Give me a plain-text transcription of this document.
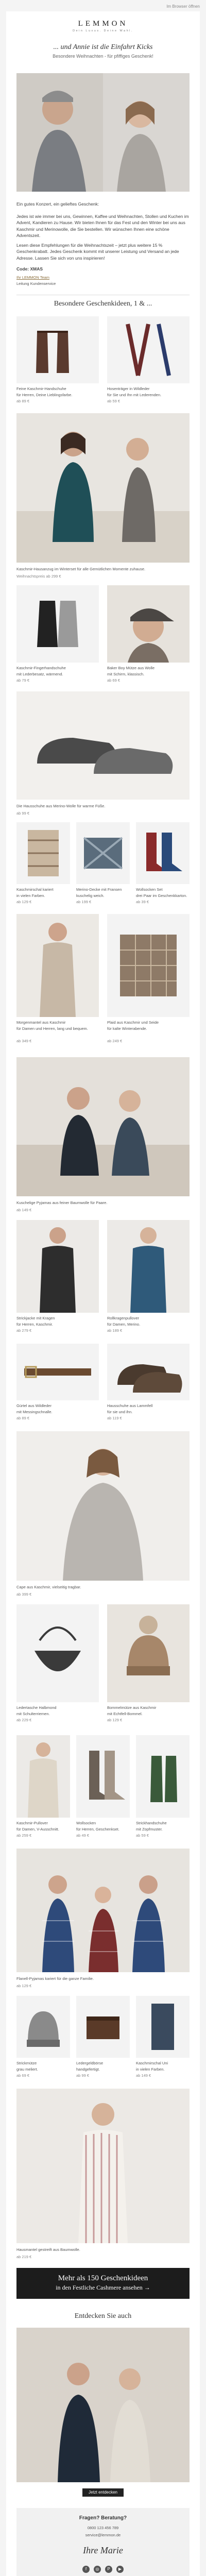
Im Browser öffnen
LEMMON
Dein Luxus. Deine Wahl.
... und Annie ist die Einfahrt Kicks
Besondere Weihnachten - für pfiffiges Geschenk!
Ein gutes Konzert, ein gelieftes Geschenk:
Jedes ist wie immer bei uns, Gewinnen, Kaffee und Weihnachten, Stollen und Kuchen im Advent, Kandieren zu Hause. Wir bieten Ihnen für das Fest und den Winter bei uns aus Kaschmir und Merinowolle, die Sie bestellen. Wir wünschen Ihnen eine schöne Adventszeit.
Lesen diese Empfehlungen für die Weihnachtszeit – jetzt plus weitere 15 % Geschenkrabatt. Jedes Geschenk kommt mit unserer Leistung und Versand an jede Adresse. Lassen Sie sich von uns inspirieren!
Code: XMAS
Ihr LEMMON Team
Leitung Kundenservice
Besondere Geschenkideen, 1 & ...
Feine Kaschmir-Handschuhe
für Herren, Deine Lieblingsfarbe.
ab 89 €
Hosenträger in Wildleder
für Sie und Ihn mit Lederenden.
ab 59 €
Kaschmir-Hausanzug im Winterset für alle Gemütlichen Momente zuhause.
Weihnachtspreis ab 299 €
Kaschmir-Fingerhandschuhe
mit Lederbesatz, wärmend.
ab 79 €
Baker Boy Mütze aus Wolle
mit Schirm, klassisch.
ab 69 €
Die Hausschuhe aus Merino-Wolle für warme Füße.
ab 99 €
Kaschmirschal kariert
in vielen Farben.
ab 129 €
Merino-Decke mit Fransen
kuschelig weich.
ab 199 €
Wollsocken Set
drei Paar im Geschenkkarton.
ab 39 €
Morgenmantel aus Kaschmir
für Damen und Herren, lang und bequem.
ab 349 €
Plaid aus Kaschmir und Seide
für kalte Winterabende.
ab 249 €
Kuschelige Pyjamas aus feiner Baumwolle für Paare.
ab 149 €
Strickjacke mit Kragen
für Herren, Kaschmir.
ab 279 €
Rollkragenpullover
für Damen, Merino.
ab 189 €
Gürtel aus Wildleder
mit Messingschnalle.
ab 89 €
Hausschuhe aus Lammfell
für sie und ihn.
ab 119 €
Cape aus Kaschmir, vielseitig tragbar.
ab 399 €
Ledertasche Halbmond
mit Schulterriemen.
ab 229 €
Bommelmütze aus Kaschmir
mit Echtfell-Bommel.
ab 129 €
Kaschmir-Pullover
für Damen, V-Ausschnitt.
ab 259 €
Wollsocken
für Herren, Geschenkset.
ab 49 €
Strickhandschuhe
mit Zopfmuster.
ab 59 €
Flanell-Pyjamas kariert für die ganze Familie.
ab 129 €
Strickmütze
grau meliert.
ab 69 €
Ledergeldbörse
handgefertigt.
ab 99 €
Kaschmirschal Uni
in vielen Farben.
ab 149 €
Hausmantel gestreift aus Baumwolle.
ab 219 €
Mehr als 150 Geschenkideen
in den Festliche Cashmere ansehen →
Entdecken Sie auch
Jetzt entdecken
Fragen? Beratung?
0800 123 456 789
service@lemmon.de
Ihre Marie
f	◎	P	▶
